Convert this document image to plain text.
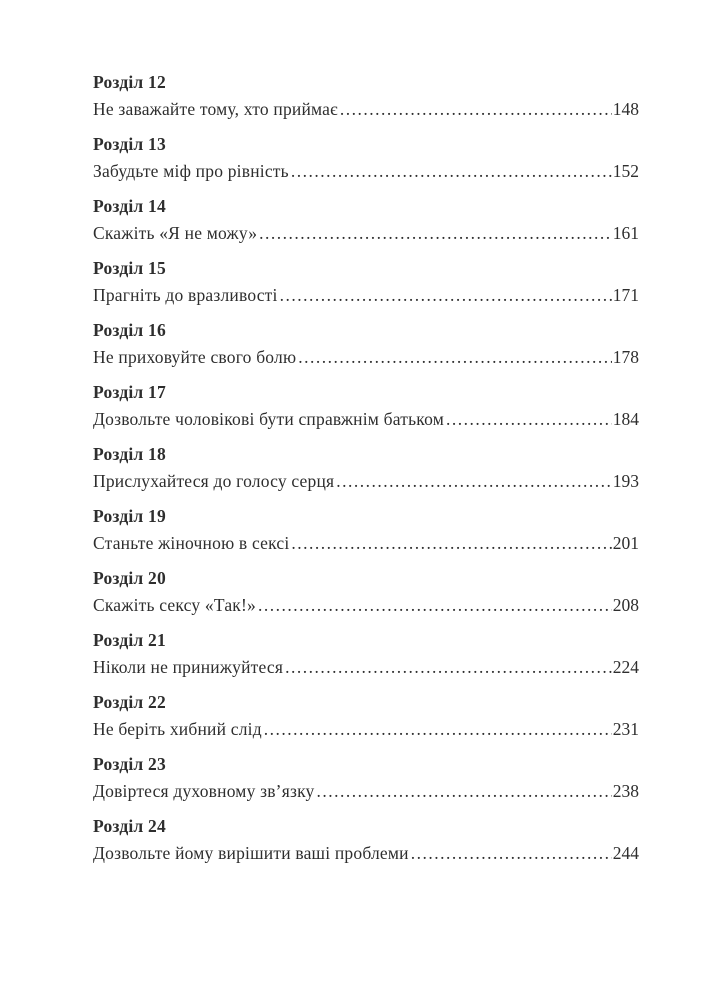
Розділ 12
Не заважайте тому, хто приймає .....	148
Розділ 13
Забудьте міф про рівність .....	152
Розділ 14
Скажіть «Я не можу» .....	161
Розділ 15
Прагніть до вразливості .....	171
Розділ 16
Не приховуйте свого болю .....	178
Розділ 17
Дозвольте чоловікові бути справжнім батьком .....	184
Розділ 18
Прислухайтеся до голосу серця .....	193
Розділ 19
Станьте жіночною в сексі .....	201
Розділ 20
Скажіть сексу «Так!» .....	208
Розділ 21
Ніколи не принижуйтеся .....	224
Розділ 22
Не беріть хибний слід .....	231
Розділ 23
Довіртеся духовному зв’язку .....	238
Розділ 24
Дозвольте йому вирішити ваші проблеми .....	244
